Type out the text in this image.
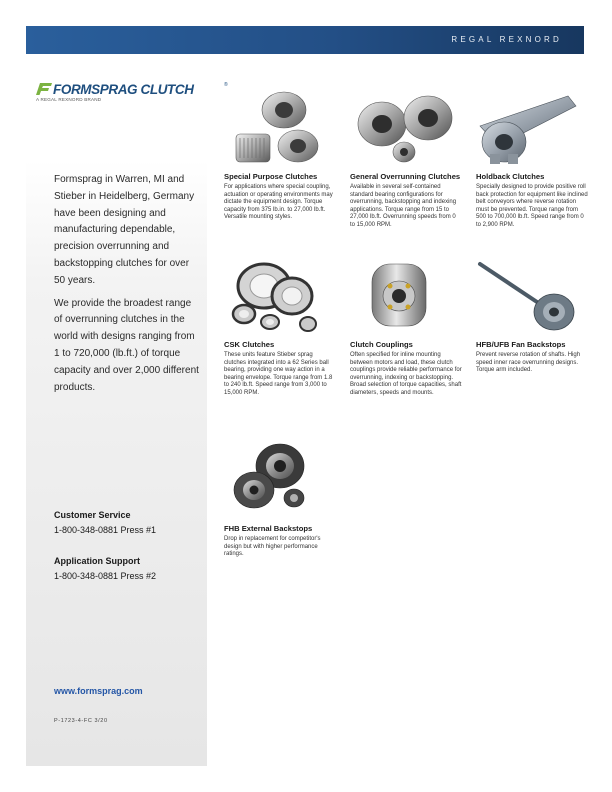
REGAL REXNORD
FORMSPRAG CLUTCH	®
A REGAL REXNORD BRAND

Formsprag in Warren, MI and Stieber in Heidelberg, Germany have been designing and manufacturing dependable, precision overrunning and backstopping clutches for over 50 years.

We provide the broadest range of overrunning clutches in the world with designs ranging from 1 to 720,000 (lb.ft.) of torque capacity and over 2,000 different products.

Customer Service
1-800-348-0881 Press #1
Application Support
1-800-348-0881 Press #2
www.formsprag.com
P-1723-4-FC 3/20
Special Purpose Clutches
For applications where special coupling, actuation or operating environments may dictate the equipment design. Torque capacity from 375 lb.in. to 27,000 lb.ft. Versatile mounting styles.
General Overrunning Clutches
Available in several self-contained standard bearing configurations for overrunning, backstopping and indexing applications. Torque range from 15 to 27,000 lb.ft. Overrunning speeds from 0 to 15,000 RPM.
Holdback Clutches
Specially designed to provide positive roll back protection for equipment like inclined belt conveyors where reverse rotation must be prevented. Torque range from 500 to 700,000 lb.ft. Speed range from 0 to 2,900 RPM.
CSK Clutches
These units feature Stieber sprag clutches integrated into a 62 Series ball bearing, providing one way action in a bearing envelope. Torque range from 1.8 to 240 lb.ft. Speed range from 3,000 to 15,000 RPM.
Clutch Couplings
Often specified for inline mounting between motors and load, these clutch couplings provide reliable performance for overrunning, indexing or backstopping. Broad selection of torque capacities, shaft diameters, speeds and mounts.
HFB/UFB Fan Backstops
Prevent reverse rotation of shafts. High speed inner race overrunning designs. Torque arm included.
FHB External Backstops
Drop in replacement for competitor's design but with higher performance ratings.
